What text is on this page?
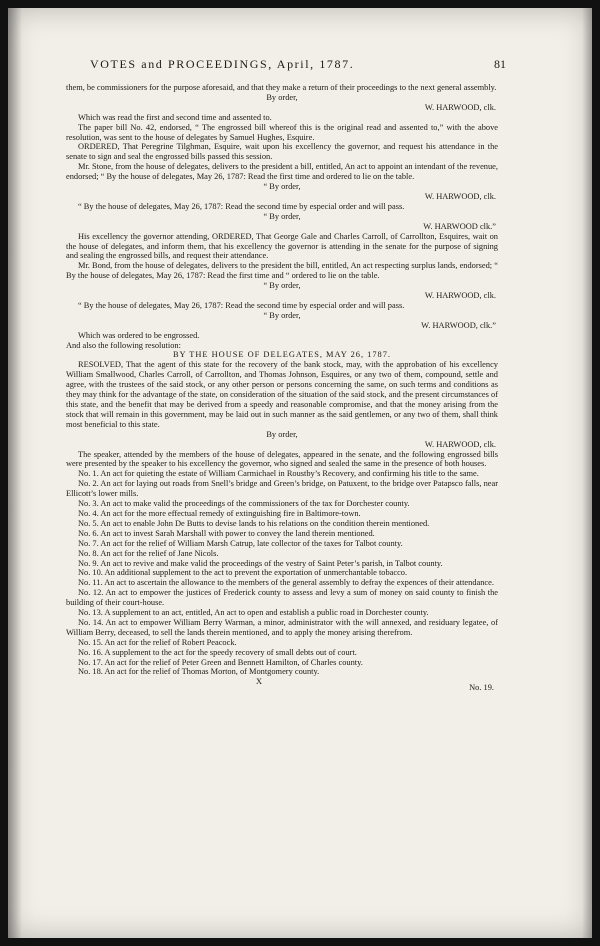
VOTES and PROCEEDINGS, April, 1787.	81

them, be commissioners for the purpose aforesaid, and that they make a return of their proceedings to the next general assembly.

By order,

W. HARWOOD, clk.

Which was read the first and second time and assented to.

The paper bill No. 42, endorsed, “ The engrossed bill whereof this is the original read and assented to,” with the above resolution, was sent to the house of delegates by Samuel Hughes, Esquire.

ORDERED, That Peregrine Tilghman, Esquire, wait upon his excellency the governor, and request his attendance in the senate to sign and seal the engrossed bills passed this session.

Mr. Stone, from the house of delegates, delivers to the president a bill, entitled, An act to appoint an intendant of the revenue, endorsed; “ By the house of delegates, May 26, 1787: Read the first time and ordered to lie on the table.

“ By order,

W. HARWOOD, clk.

“ By the house of delegates, May 26, 1787: Read the second time by especial order and will pass.

“ By order,

W. HARWOOD clk.”

His excellency the governor attending, ORDERED, That George Gale and Charles Carroll, of Carrollton, Esquires, wait on the house of delegates, and inform them, that his excellency the governor is attending in the senate for the purpose of signing and sealing the engrossed bills, and request their attendance.

Mr. Bond, from the house of delegates, delivers to the president the bill, entitled, An act respecting surplus lands, endorsed; “ By the house of delegates, May 26, 1787: Read the first time and “ ordered to lie on the table.

“ By order,

W. HARWOOD, clk.

“ By the house of delegates, May 26, 1787: Read the second time by especial order and will pass.

“ By order,

W. HARWOOD, clk.”

Which was ordered to be engrossed.

And also the following resolution:

BY THE HOUSE OF DELEGATES, MAY 26, 1787.

RESOLVED, That the agent of this state for the recovery of the bank stock, may, with the approbation of his excellency William Smallwood, Charles Carroll, of Carrollton, and Thomas Johnson, Esquires, or any two of them, compound, settle and agree, with the trustees of the said stock, or any other person or persons concerning the same, on such terms and conditions as they may think for the advantage of the state, on consideration of the situation of the said stock, and the present circumstances of this state, and the benefit that may be derived from a speedy and reasonable compromise, and that the money arising from the stock that will remain in this government, may be laid out in such manner as the said gentlemen, or any two of them, shall think most beneficial to this state.

By order,

W. HARWOOD, clk.

The speaker, attended by the members of the house of delegates, appeared in the senate, and the following engrossed bills were presented by the speaker to his excellency the governor, who signed and sealed the same in the presence of both houses.

No. 1. An act for quieting the estate of William Carmichael in Roustby’s Recovery, and confirming his title to the same.

No. 2. An act for laying out roads from Snell’s bridge and Green’s bridge, on Patuxent, to the bridge over Patapsco falls, near Ellicott’s lower mills.

No. 3. An act to make valid the proceedings of the commissioners of the tax for Dorchester county.

No. 4. An act for the more effectual remedy of extinguishing fire in Baltimore-town.

No. 5. An act to enable John De Butts to devise lands to his relations on the condition therein mentioned.

No. 6. An act to invest Sarah Marshall with power to convey the land therein mentioned.

No. 7. An act for the relief of William Marsh Catrup, late collector of the taxes for Talbot county.

No. 8. An act for the relief of Jane Nicols.

No. 9. An act to revive and make valid the proceedings of the vestry of Saint Peter’s parish, in Talbot county.

No. 10. An additional supplement to the act to prevent the exportation of unmerchantable tobacco.

No. 11. An act to ascertain the allowance to the members of the general assembly to defray the expences of their attendance.

No. 12. An act to empower the justices of Frederick county to assess and levy a sum of money on said county to finish the building of their court-house.

No. 13. A supplement to an act, entitled, An act to open and establish a public road in Dorchester county.

No. 14. An act to empower William Berry Warman, a minor, administrator with the will annexed, and residuary legatee, of William Berry, deceased, to sell the lands therein mentioned, and to apply the money arising therefrom.

No. 15. An act for the relief of Robert Peacock.

No. 16. A supplement to the act for the speedy recovery of small debts out of court.

No. 17. An act for the relief of Peter Green and Bennett Hamilton, of Charles county.

No. 18. An act for the relief of Thomas Morton, of Montgomery county.

X
No. 19.
